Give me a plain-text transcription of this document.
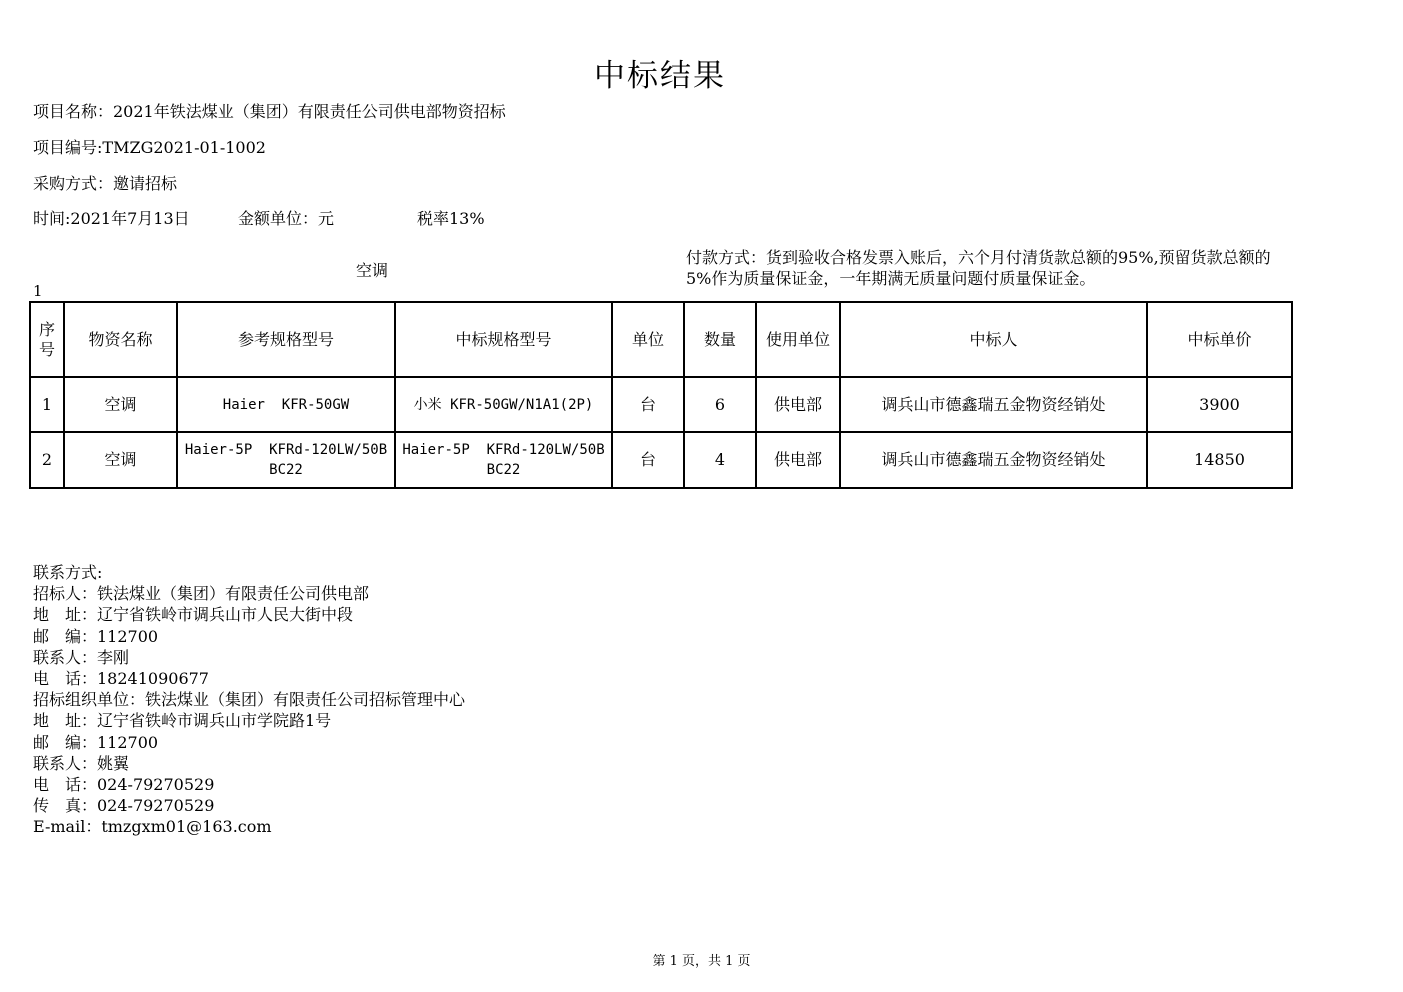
中标结果
项目名称：2021年铁法煤业（集团）有限责任公司供电部物资招标
项目编号:TMZG2021-01-1002
采购方式：邀请招标
时间:2021年7月13日	金额单位：元	税率13%
付款方式：货到验收合格发票入账后，六个月付清货款总额的95%,预留货款总额的5%作为质量保证金，一年期满无质量问题付质量保证金。
空调
1
序号	物资名称	参考规格型号	中标规格型号	单位	数量	使用单位	中标人	中标单价
1	空调	Haier  KFR-50GW	小米 KFR-50GW/N1A1(2P)	台	6	供电部	调兵山市德鑫瑞五金物资经销处	3900
2	空调	Haier-5P  KFRd-120LW/50BBC22	Haier-5P  KFRd-120LW/50BBC22	台	4	供电部	调兵山市德鑫瑞五金物资经销处	14850
联系方式:
招标人：铁法煤业（集团）有限责任公司供电部
地　址：辽宁省铁岭市调兵山市人民大街中段
邮　编：112700
联系人：李刚
电　话：18241090677
招标组织单位：铁法煤业（集团）有限责任公司招标管理中心
地　址：辽宁省铁岭市调兵山市学院路1号
邮　编：112700
联系人：姚翼
电　话：024-79270529
传　真：024-79270529
E-mail：tmzgxm01@163.com
第 1 页，共 1 页
